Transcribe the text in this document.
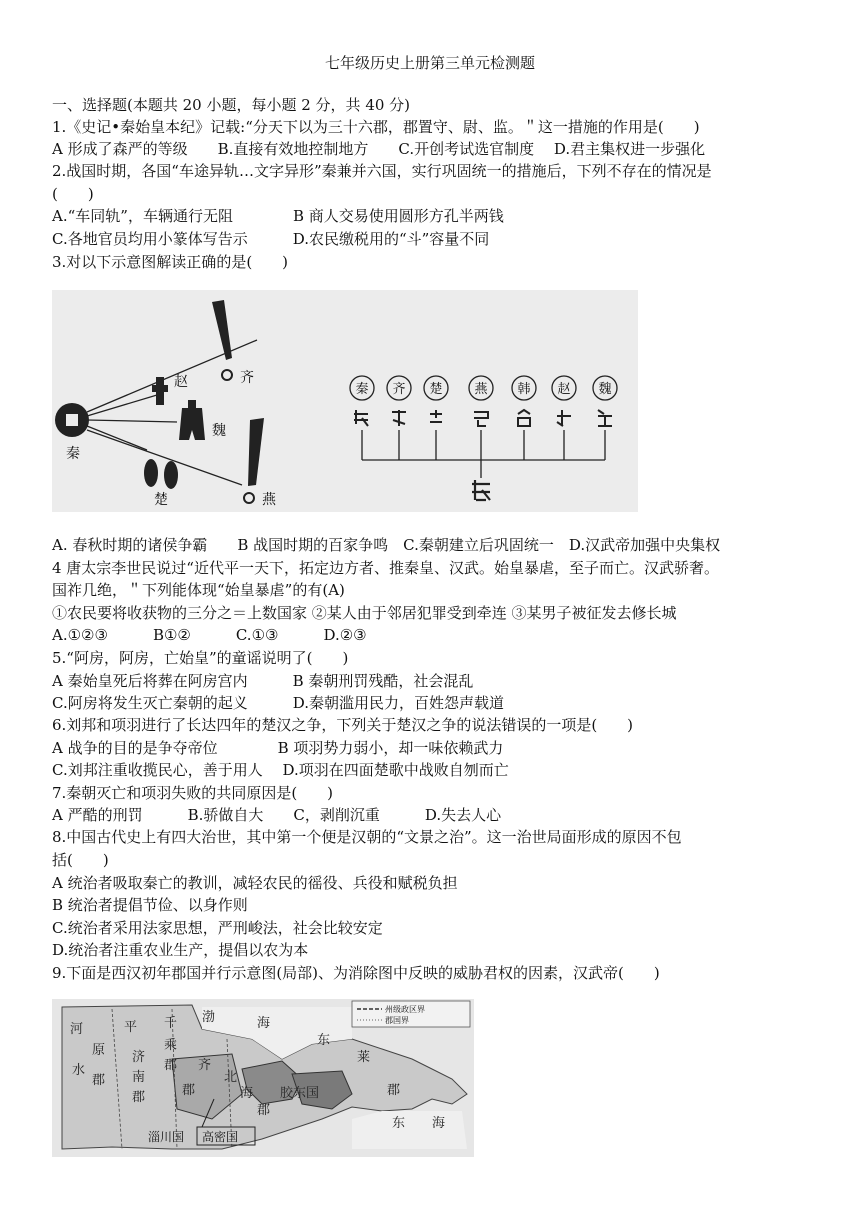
七年级历史上册第三单元检测题
一、选择题(本题共 20 小题，每小题 2 分，共 40 分)
1.《史记•秦始皇本纪》记载:“分天下以为三十六郡，郡置守、尉、监。＂这一措施的作用是(　　)
A 形成了森严的等级　　B.直接有效地控制地方　　C.开创考试选官制度　 D.君主集权进一步强化
2.战国时期，各国“车途异轨…文字异形”秦兼并六国，实行巩固统一的措施后，下列不存在的情况是
(　　)
A.“车同轨”，车辆通行无阻　　　　B 商人交易使用圆形方孔半两钱
C.各地官员均用小篆体写告示　　　D.农民缴税用的“斗”容量不同
3.对以下示意图解读正确的是(　　)
秦
齐
赵
魏
楚	燕
秦 齐 楚 燕 韩 赵 魏
A. 春秋时期的诸侯争霸　　B 战国时期的百家争鸣　C.秦朝建立后巩固统一　D.汉武帝加强中央集权
4 唐太宗李世民说过“近代平一天下，拓定边方者、推秦皇、汉武。始皇暴虐，至子而亡。汉武骄奢。
国祚几绝，＂下列能体现“始皇暴虐”的有(A)
①农民要将收获物的三分之＝上数国家 ②某人由于邻居犯罪受到牵连 ③某男子被征发去修长城
A.①②③　　　B①②　　　C.①③　　　D.②③
5.“阿房，阿房，亡始皇”的童谣说明了(　　)
A 秦始皇死后将葬在阿房宫内　　　B 秦朝刑罚残酷，社会混乱
C.阿房将发生灭亡秦朝的起义　　　D.秦朝滥用民力，百姓怨声载道
6.刘邦和项羽进行了长达四年的楚汉之争，下列关于楚汉之争的说法错误的一项是(　　)
A 战争的目的是争夺帝位　　　　B 项羽势力弱小，却一味依赖武力
C.刘邦注重收揽民心，善于用人　 D.项羽在四面楚歌中战败自刎而亡
7.秦朝灭亡和项羽失败的共同原因是(　　)
A 严酷的刑罚　　　B.骄做自大　　C，剥削沉重　　　D.失去人心
8.中国古代史上有四大治世，其中第一个便是汉朝的“文景之治”。这一治世局面形成的原因不包
括(　　)
A 统治者吸取秦亡的教训，减轻农民的徭役、兵役和赋税负担
B 统治者提倡节俭、以身作则
C.统治者采用法家思想，严刑峻法，社会比较安定
D.统治者注重农业生产，提倡以农为本
9.下面是西汉初年郡国并行示意图(局部)、为消除图中反映的威胁君权的因素，汉武帝(　　)
州级政区界
郡国界
河	平
原
郡
水
济
南
郡
千
乘
郡 齐
郡
北
海
郡
胶东国
东
莱
郡
东 海
渤	海
淄川国 高密国
